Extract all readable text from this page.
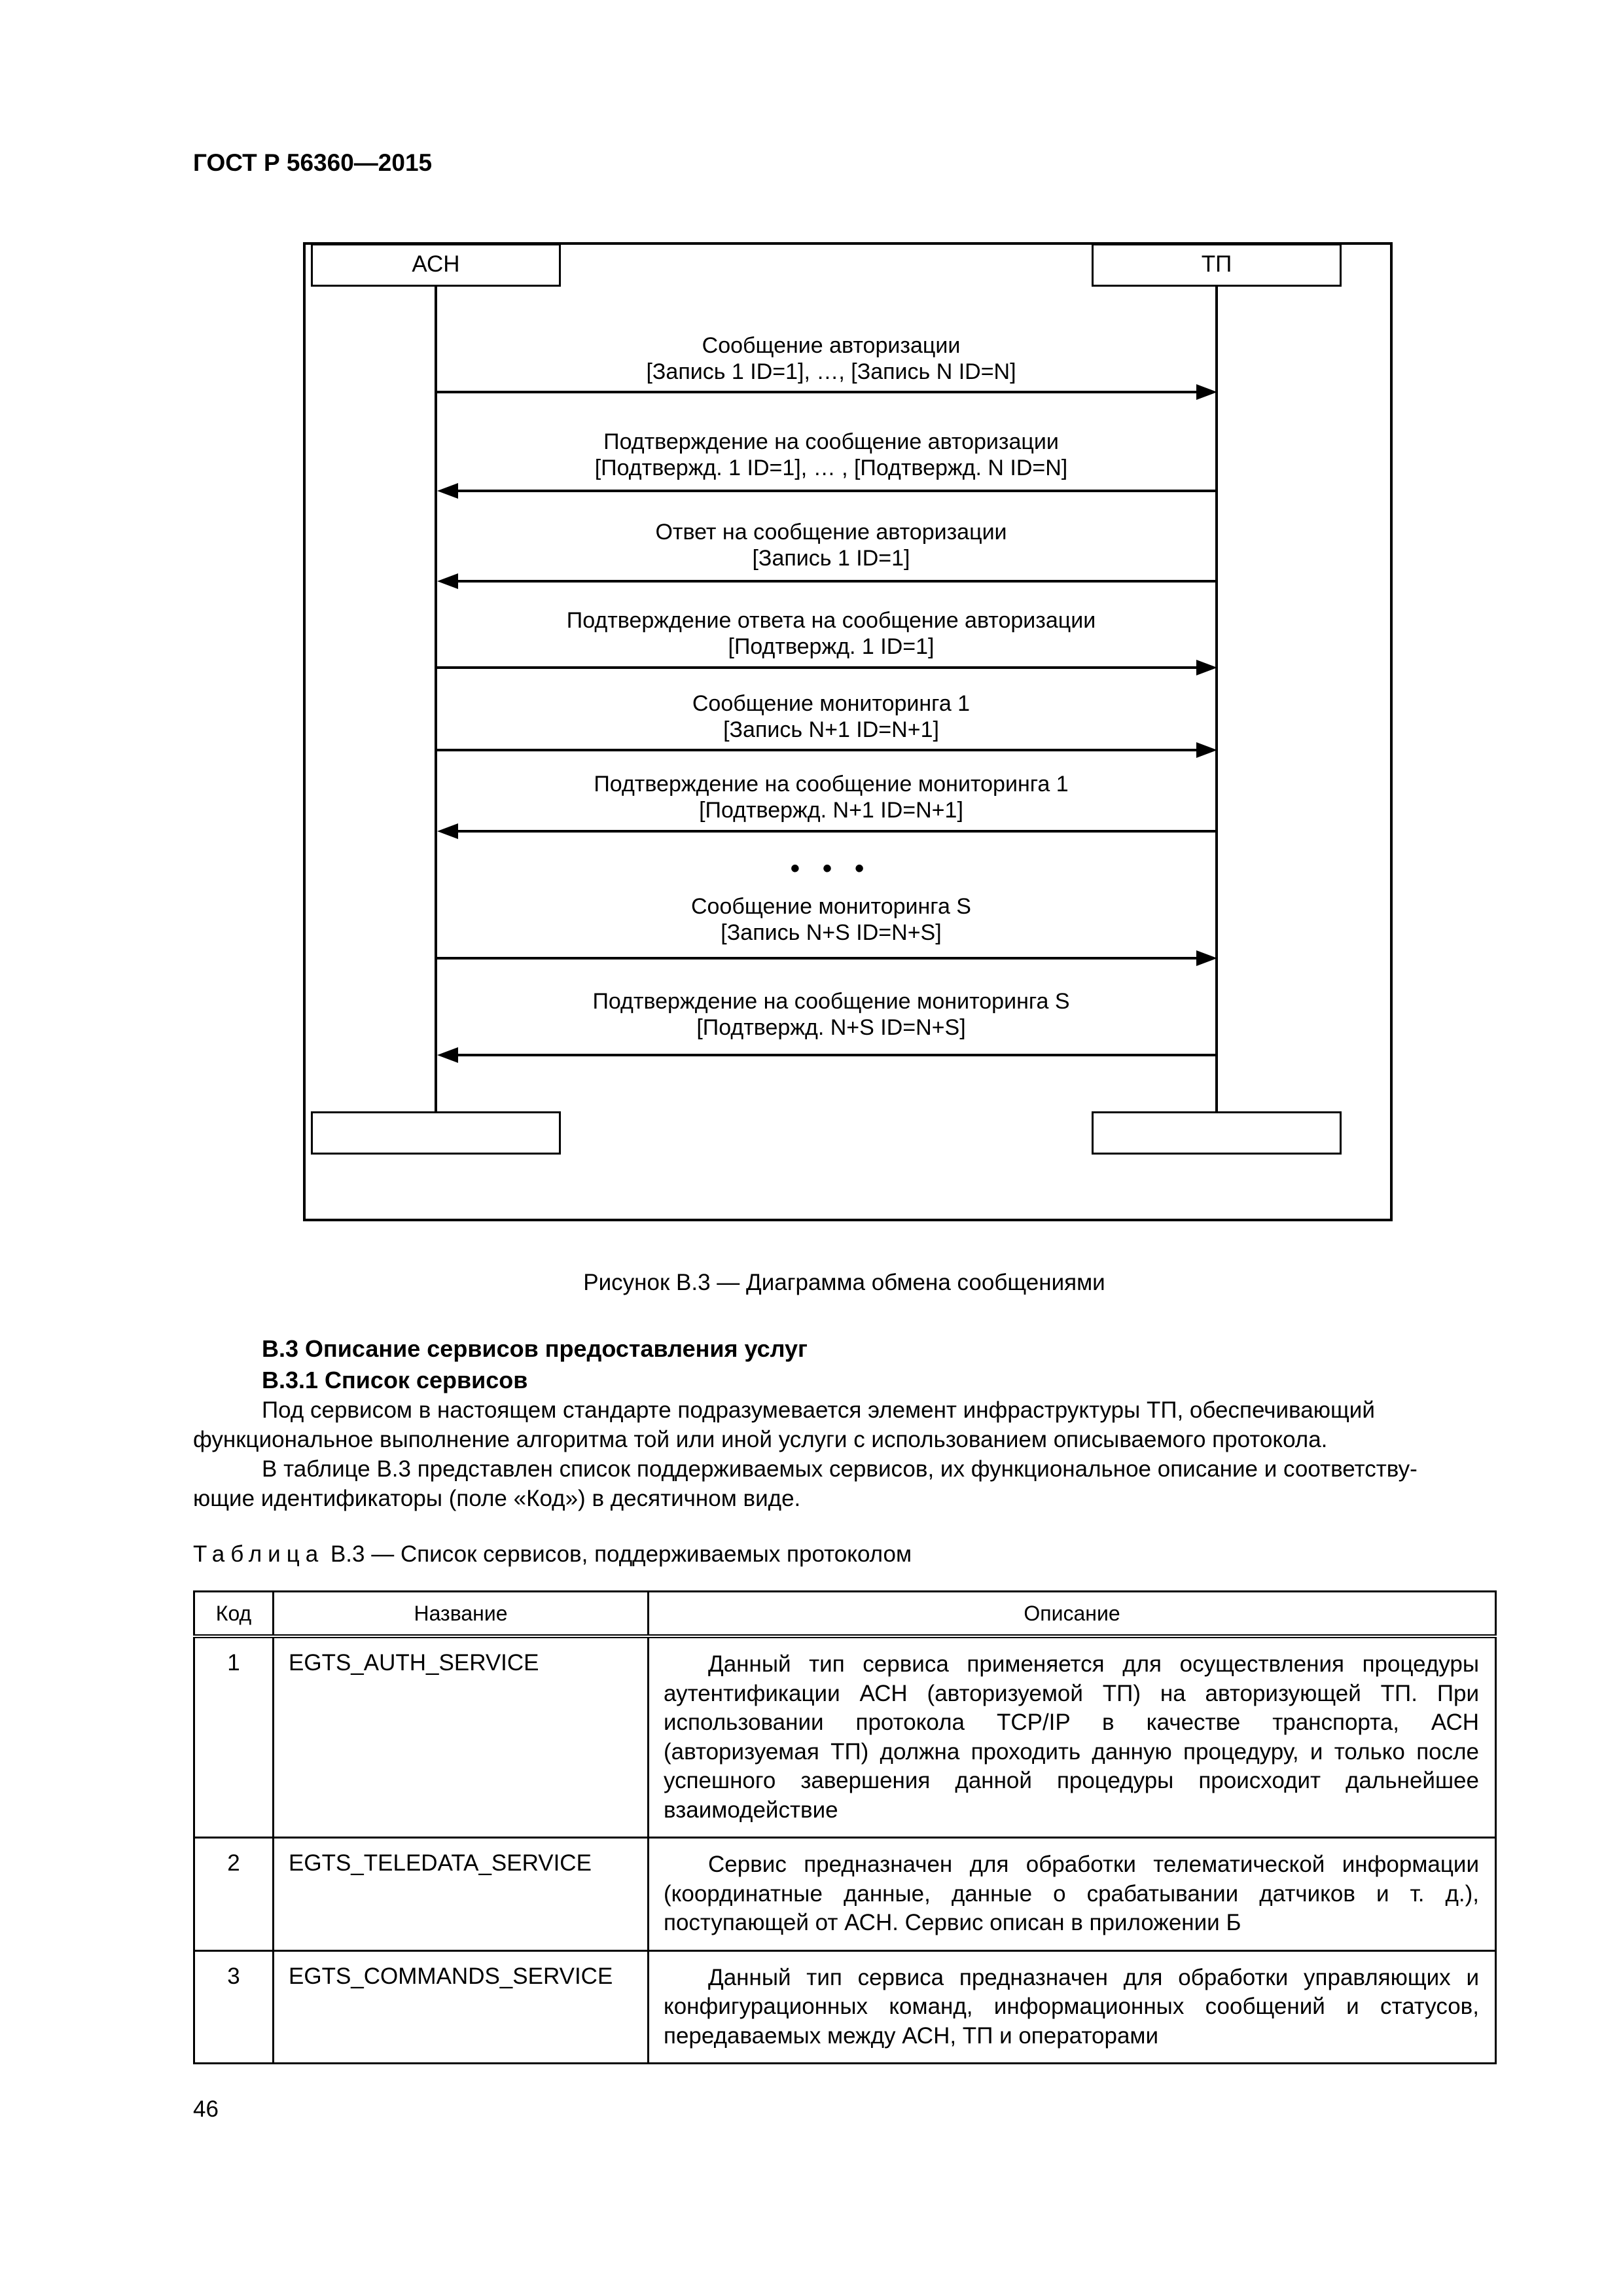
ГОСТ Р 56360—2015
АСН	ТП
Сообщение авторизации
[Запись 1 ID=1], …, [Запись N ID=N]
Подтверждение на сообщение авторизации
[Подтвержд. 1 ID=1], … , [Подтвержд. N ID=N]
Ответ на сообщение авторизации
[Запись 1 ID=1]
Подтверждение ответа на сообщение авторизации
[Подтвержд. 1 ID=1]
Сообщение мониторинга 1
[Запись N+1 ID=N+1]
Подтверждение на сообщение мониторинга 1
[Подтвержд. N+1 ID=N+1]
• • •
Сообщение мониторинга S
[Запись N+S ID=N+S]
Подтверждение на сообщение мониторинга S
[Подтвержд. N+S ID=N+S]
Рисунок В.3 — Диаграмма обмена сообщениями
В.3 Описание сервисов предоставления услуг
В.3.1 Список сервисов
Под сервисом в настоящем стандарте подразумевается элемент инфраструктуры ТП, обеспечивающий
функциональное выполнение алгоритма той или иной услуги с использованием описываемого протокола.
В таблице В.3 представлен список поддерживаемых сервисов, их функциональное описание и соответству-
ющие идентификаторы (поле «Код») в десятичном виде.
Таблица В.3 — Список сервисов, поддерживаемых протоколом
Код	Название	Описание
1	EGTS_AUTH_SERVICE	Данный тип сервиса применяется для осуществления процедуры аутентификации АСН (авторизуемой ТП) на авторизующей ТП. При использовании протокола TCP/IP в качестве транспорта, АСН (авторизуемая ТП) должна проходить данную процедуру, и только после успешного завершения данной процедуры происходит дальнейшее взаимодействие

2	EGTS_TELEDATA_SERVICE	Сервис предназначен для обработки телематической информации (координатные данные, данные о срабатывании датчиков и т. д.), поступающей от АСН. Сервис описан в приложении Б

3	EGTS_COMMANDS_SERVICE	Данный тип сервиса предназначен для обработки управляющих и конфигурационных команд, информационных сообщений и статусов, передаваемых между АСН, ТП и операторами
46
